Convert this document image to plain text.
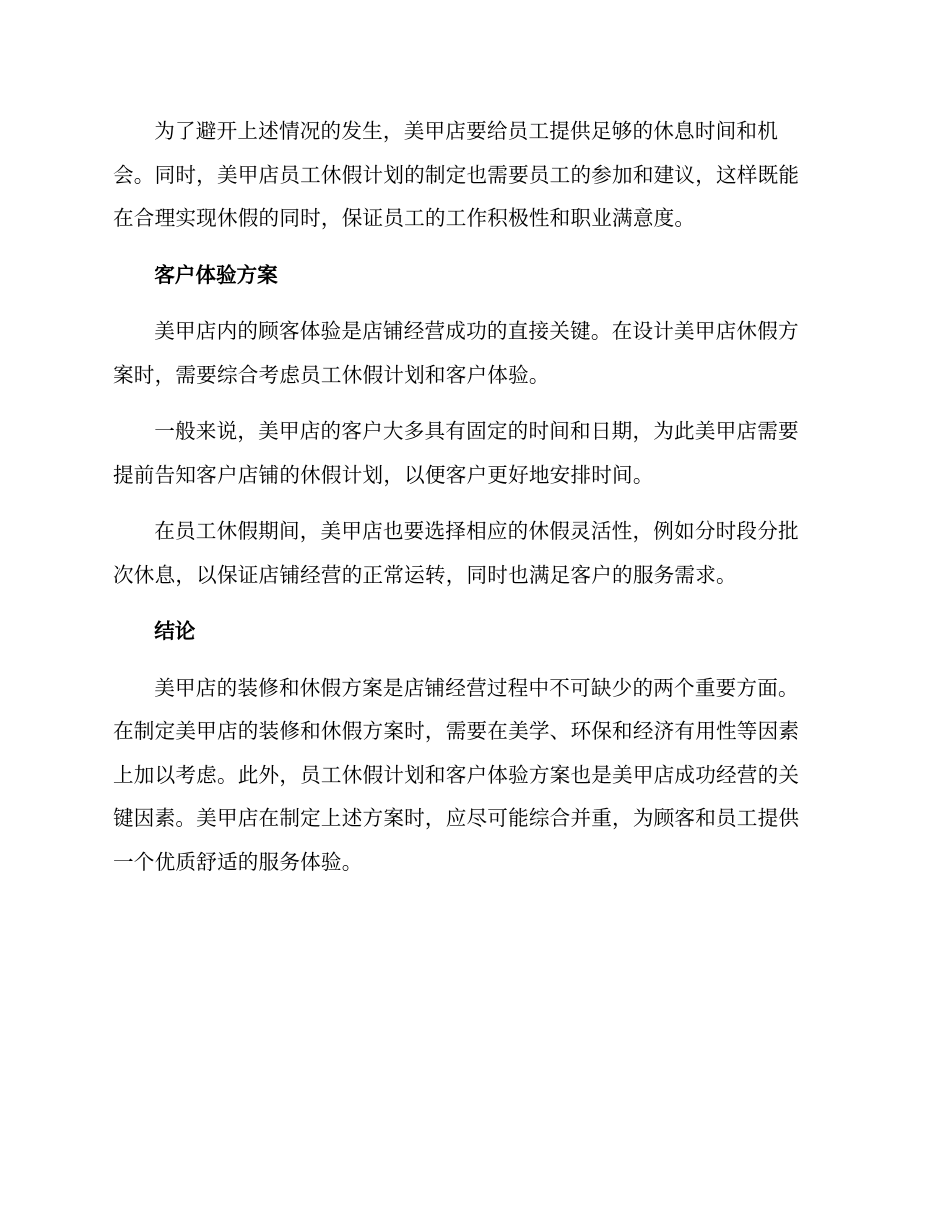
为了避开上述情况的发生，美甲店要给员工提供足够的休息时间和机
会。同时，美甲店员工休假计划的制定也需要员工的参加和建议，这样既能
在合理实现休假的同时，保证员工的工作积极性和职业满意度。
客户体验方案
美甲店内的顾客体验是店铺经营成功的直接关键。在设计美甲店休假方
案时，需要综合考虑员工休假计划和客户体验。
一般来说，美甲店的客户大多具有固定的时间和日期，为此美甲店需要
提前告知客户店铺的休假计划，以便客户更好地安排时间。
在员工休假期间，美甲店也要选择相应的休假灵活性，例如分时段分批
次休息，以保证店铺经营的正常运转，同时也满足客户的服务需求。
结论
美甲店的装修和休假方案是店铺经营过程中不可缺少的两个重要方面。
在制定美甲店的装修和休假方案时，需要在美学、环保和经济有用性等因素
上加以考虑。此外，员工休假计划和客户体验方案也是美甲店成功经营的关
键因素。美甲店在制定上述方案时，应尽可能综合并重，为顾客和员工提供
一个优质舒适的服务体验。
